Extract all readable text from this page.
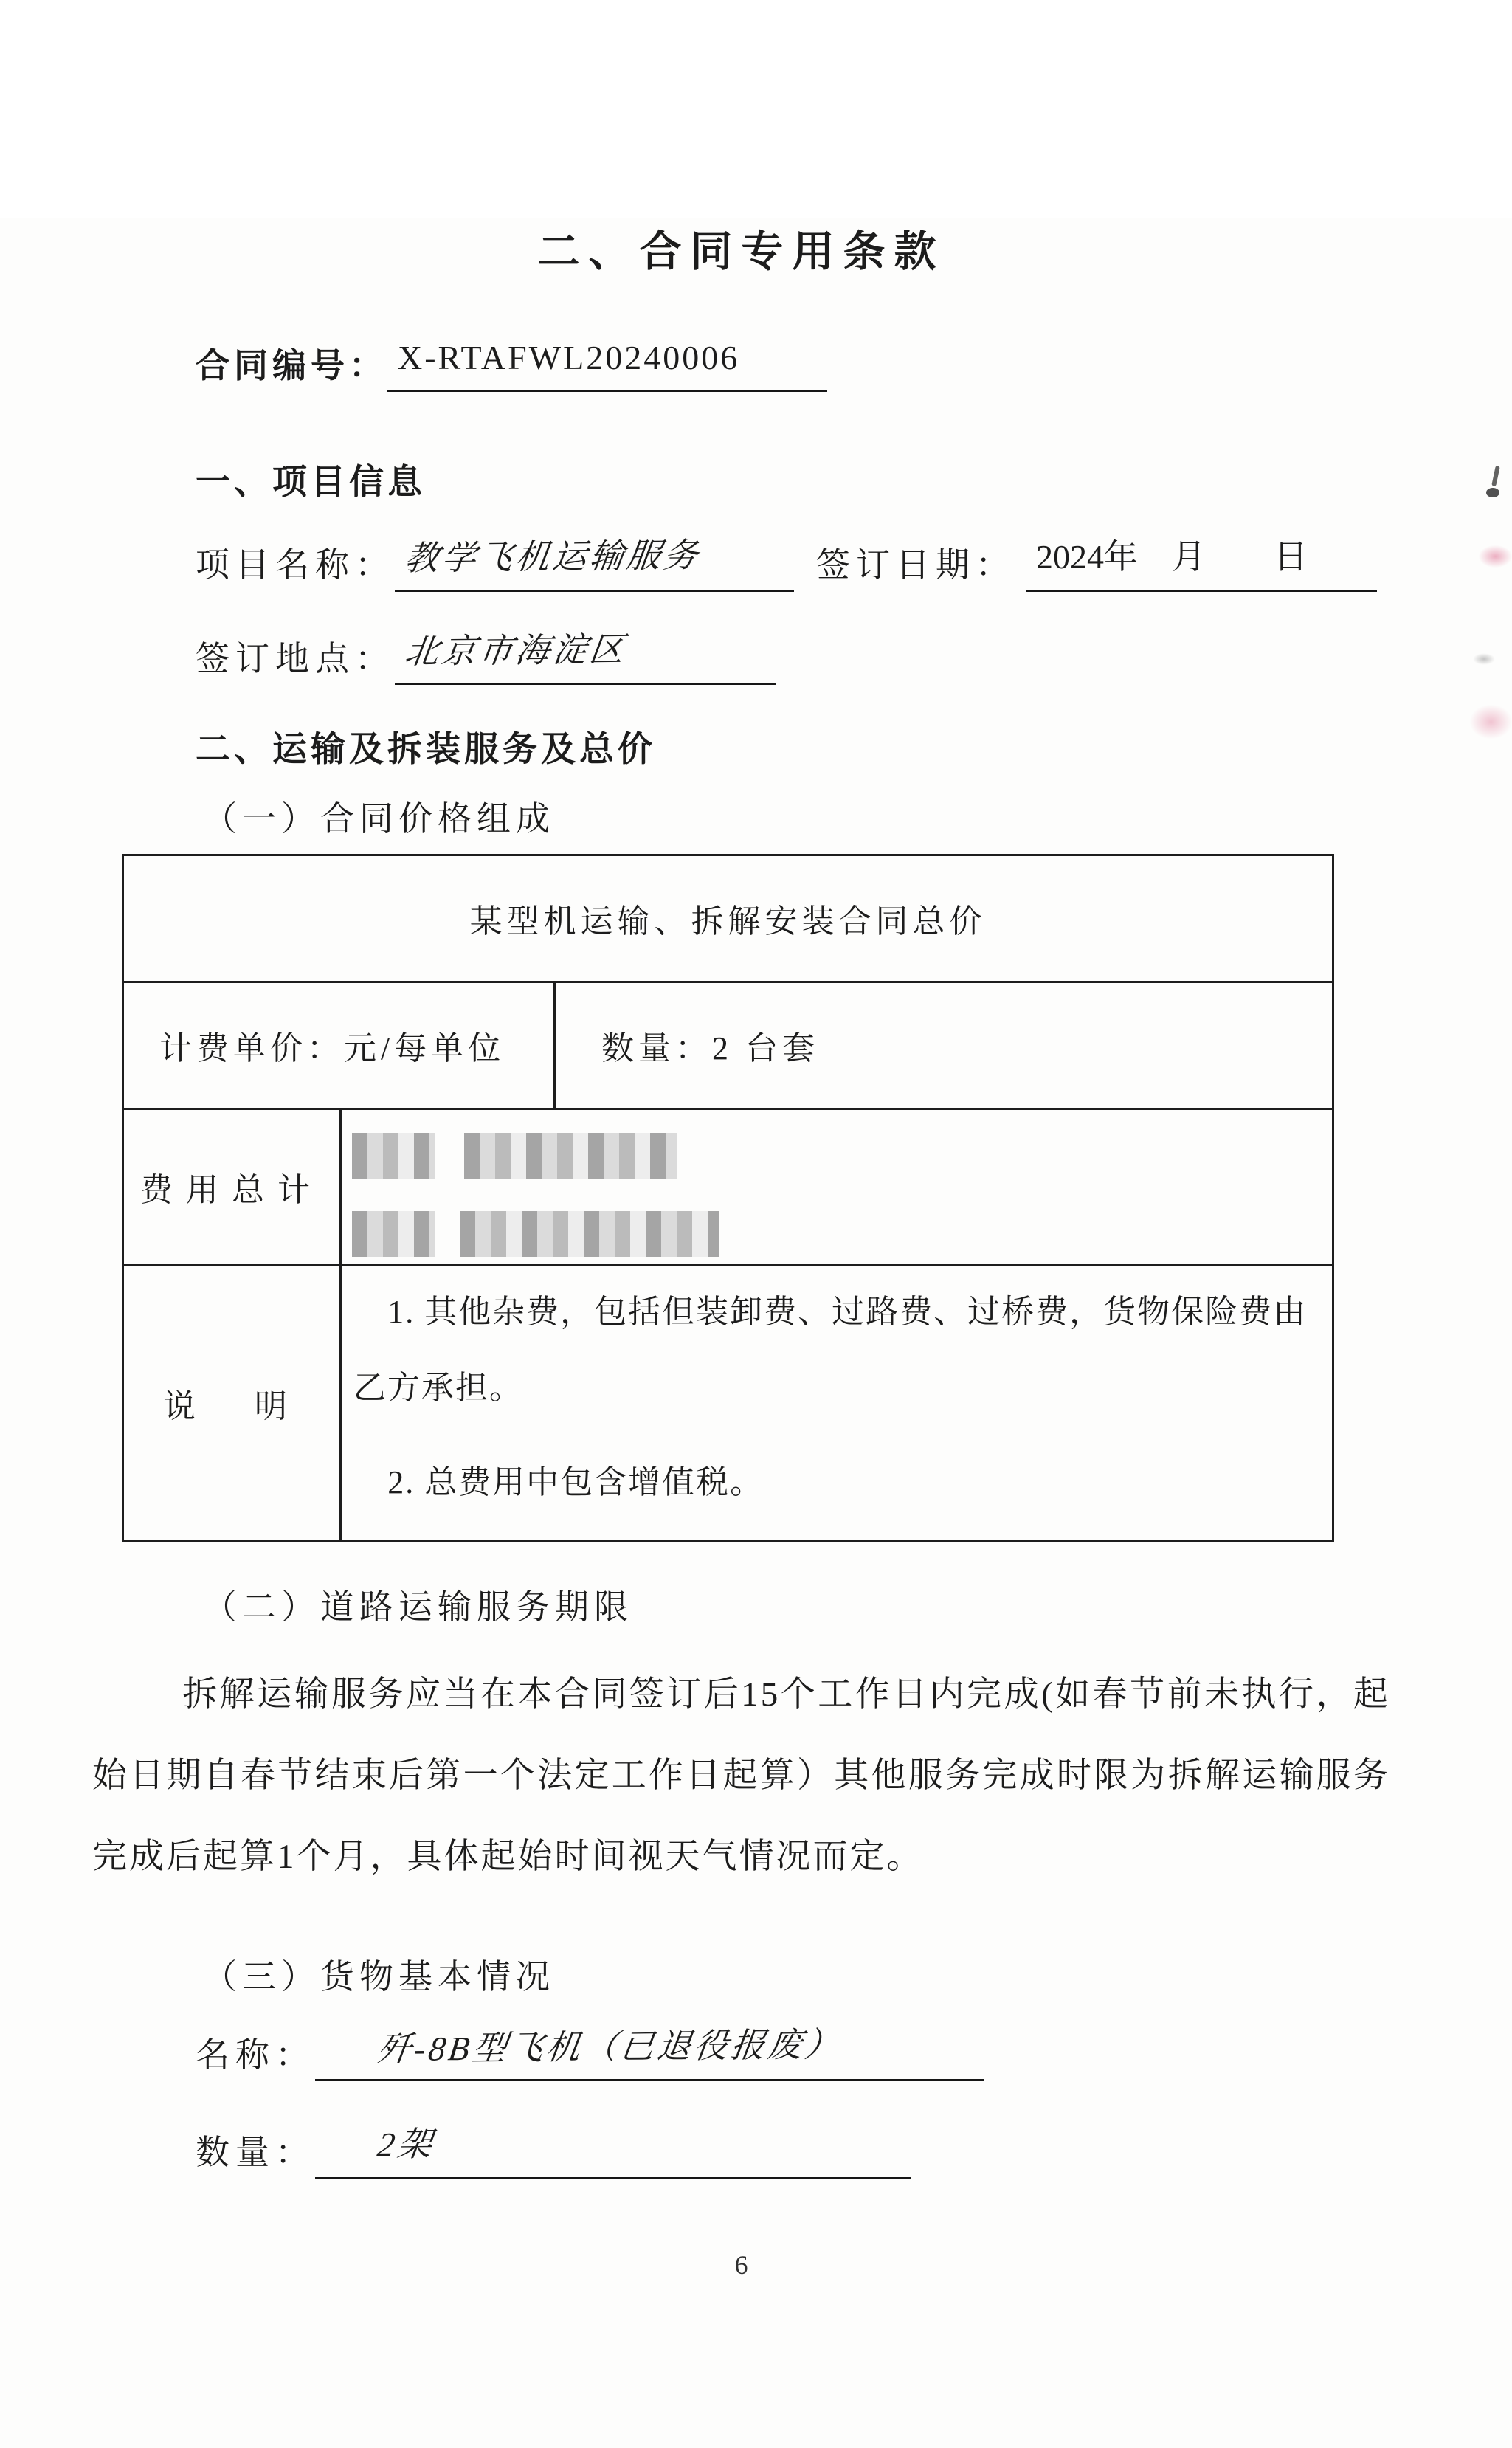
二、合同专用条款
合同编号： X-RTAFWL20240006
一、项目信息
项目名称： 教学飞机运输服务	签订日期： 2024年　月　　日
签订地点： 北京市海淀区
二、运输及拆装服务及总价
（一）合同价格组成
某型机运输、拆解安装合同总价		
计费单价：元/每单位		数量：2 台套
费用总计		

说　明	1. 其他杂费，包括但装卸费、过路费、过桥费，货物保险费由乙方承担。

2. 总费用中包含增值税。	

（二）道路运输服务期限

拆解运输服务应当在本合同签订后15个工作日内完成(如春节前未执行，起始日期自春节结束后第一个法定工作日起算）其他服务完成时限为拆解运输服务完成后起算1个月，具体起始时间视天气情况而定。

（三）货物基本情况
名称： 歼-8B型飞机（已退役报废）
数量： 2架
6
